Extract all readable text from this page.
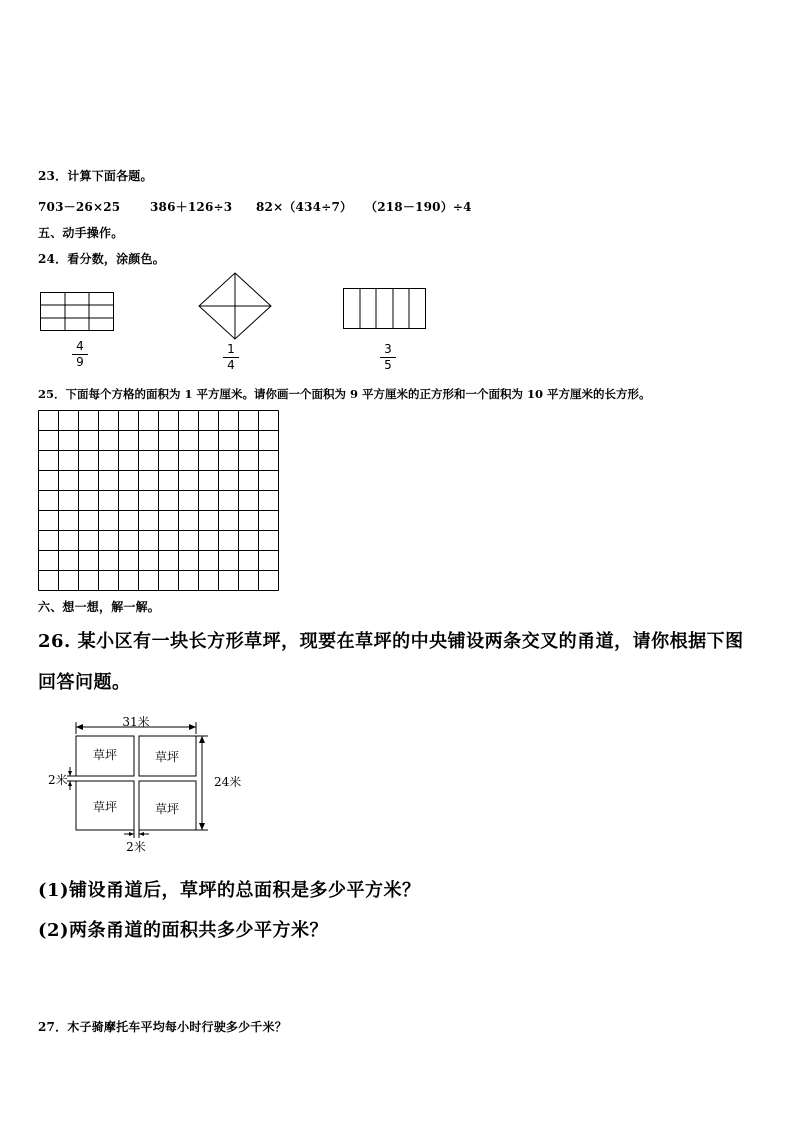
23．计算下面各题。
703－26×25 386＋126÷3 82×（434÷7） （218－190）÷4
五、动手操作。
24．看分数，涂颜色。
4
9
1
4
3
5
25．下面每个方格的面积为 1 平方厘米。请你画一个面积为 9 平方厘米的正方形和一个面积为 10 平方厘米的长方形。
六、想一想，解一解。
26. 某小区有一块长方形草坪，现要在草坪的中央铺设两条交叉的甬道，请你根据下图
回答问题。
31米
24米
草坪	草坪
草坪	草坪
2米
2米
(1)铺设甬道后，草坪的总面积是多少平方米？
(2)两条甬道的面积共多少平方米？
27．木子骑摩托车平均每小时行驶多少千米？
